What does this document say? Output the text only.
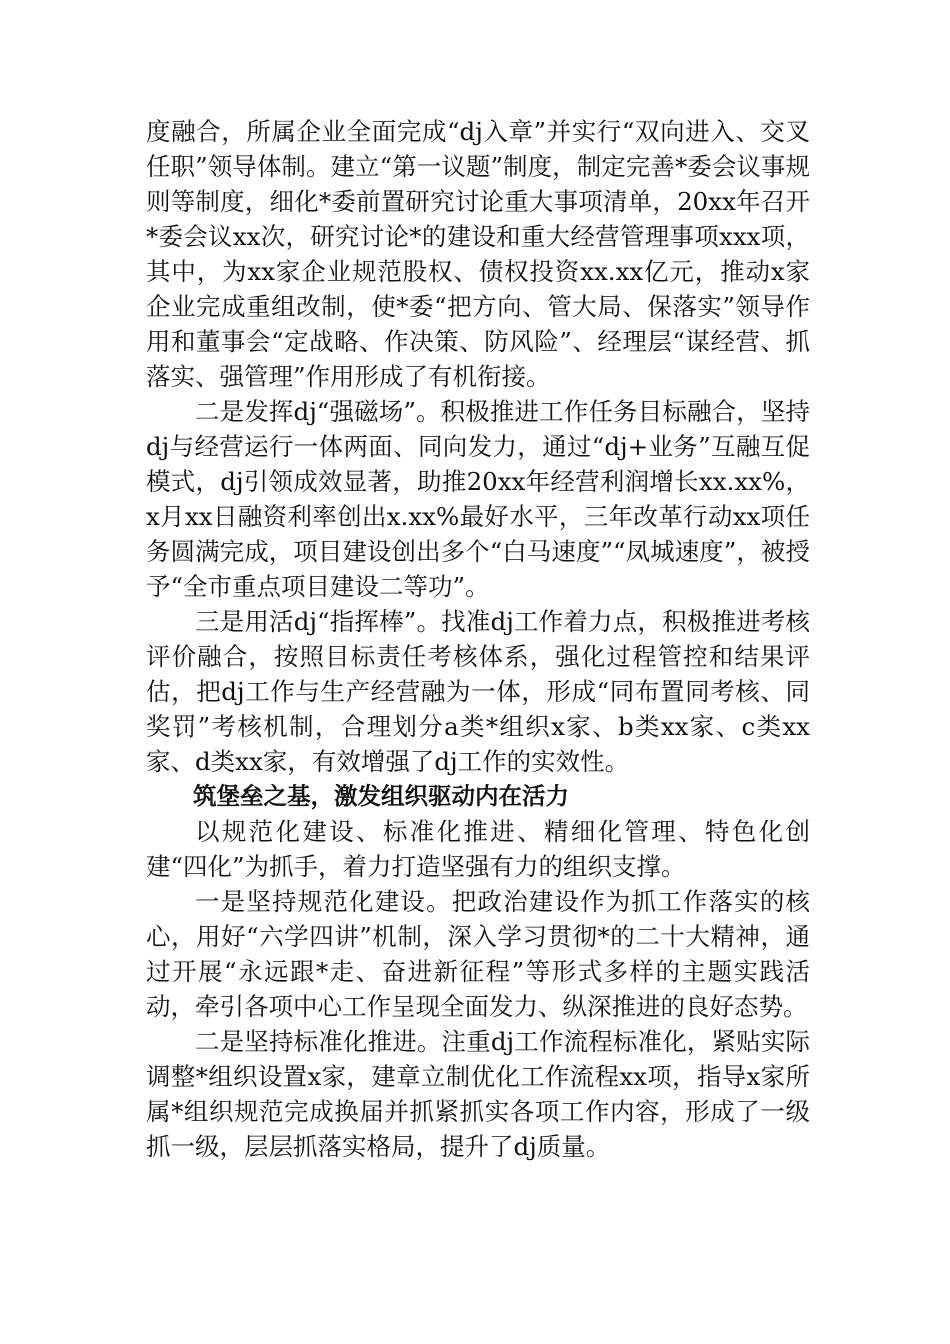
度融合，所属企业全面完成“dj入章”并实行“双向进入、交叉任职”领导体制。建立“第一议题”制度，制定完善*委会议事规则等制度，细化*委前置研究讨论重大事项清单，20xx年召开*委会议xx次，研究讨论*的建设和重大经营管理事项xxx项，其中，为xx家企业规范股权、债权投资xx.xx亿元，推动x家企业完成重组改制，使*委“把方向、管大局、保落实”领导作用和董事会“定战略、作决策、防风险”、经理层“谋经营、抓落实、强管理”作用形成了有机衔接。

二是发挥dj“强磁场”。积极推进工作任务目标融合，坚持dj与经营运行一体两面、同向发力，通过“dj+业务”互融互促模式，dj引领成效显著，助推20xx年经营利润增长xx.xx%，x月xx日融资利率创出x.xx%最好水平，三年改革行动xx项任务圆满完成，项目建设创出多个“白马速度”“凤城速度”，被授予“全市重点项目建设二等功”。

三是用活dj“指挥棒”。找准dj工作着力点，积极推进考核评价融合，按照目标责任考核体系，强化过程管控和结果评估，把dj工作与生产经营融为一体，形成“同布置同考核、同奖罚”考核机制，合理划分a类*组织x家、b类xx家、c类xx家、d类xx家，有效增强了dj工作的实效性。

筑堡垒之基，激发组织驱动内在活力

以规范化建设、标准化推进、精细化管理、特色化创建“四化”为抓手，着力打造坚强有力的组织支撑。

一是坚持规范化建设。把政治建设作为抓工作落实的核心，用好“六学四讲”机制，深入学习贯彻*的二十大精神，通过开展“永远跟*走、奋进新征程”等形式多样的主题实践活动，牵引各项中心工作呈现全面发力、纵深推进的良好态势。

二是坚持标准化推进。注重dj工作流程标准化，紧贴实际调整*组织设置x家，建章立制优化工作流程xx项，指导x家所属*组织规范完成换届并抓紧抓实各项工作内容，形成了一级抓一级，层层抓落实格局，提升了dj质量。
